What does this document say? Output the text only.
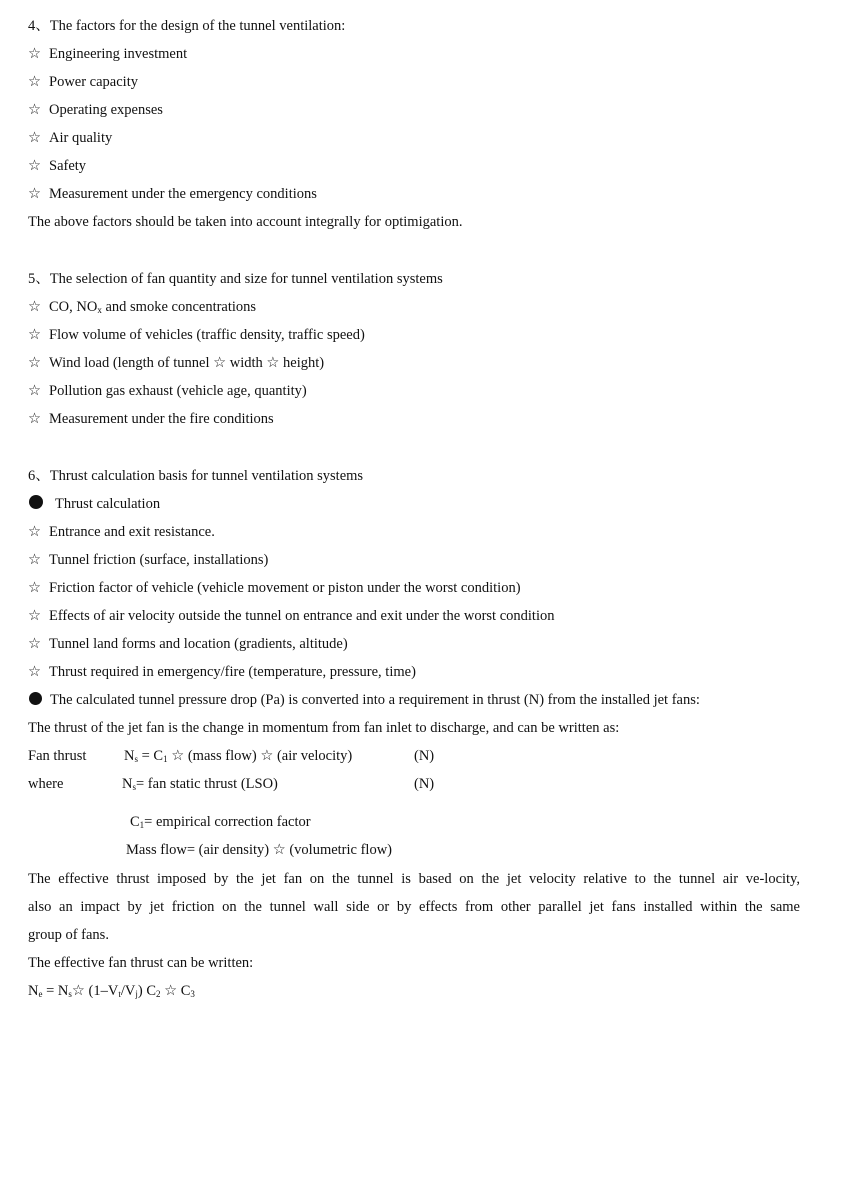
4、The factors for the design of the tunnel ventilation:
☆ Engineering investment
☆ Power capacity
☆ Operating expenses
☆ Air quality
☆ Safety
☆ Measurement under the emergency conditions
The above factors should be taken into account integrally for optimigation.
5、The selection of fan quantity and size for tunnel ventilation systems
☆ CO, $NO_x$ and smoke concentrations
☆ Flow volume of vehicles (traffic density, traffic speed)
☆ Wind load (length of tunnel ☆ width ☆ height)
☆ Pollution gas exhaust (vehicle age, quantity)
☆ Measurement under the fire conditions
6、Thrust calculation basis for tunnel ventilation systems
Thrust calculation
☆ Entrance and exit resistance.
☆ Tunnel friction (surface, installations)
☆ Friction factor of vehicle (vehicle movement or piston under the worst condition)
☆ Effects of air velocity outside the tunnel on entrance and exit under the worst condition
☆ Tunnel land forms and location (gradients, altitude)
☆ Thrust required in emergency/fire (temperature, pressure, time)
The calculated tunnel pressure drop (Pa) is converted into a requirement in thrust (N) from the installed jet fans:
The thrust of the jet fan is the change in momentum from fan inlet to discharge, and can be written as:
Fan thrust	$N_s = C_1$ ☆ (mass flow) ☆ (air velocity)	(N)
where	$N_s=$ fan static thrust (LSO)	(N)
$C_1=$ empirical correction factor
Mass flow= (air density) ☆ (volumetric flow)
The effective thrust imposed by the jet fan on the tunnel is based on the jet velocity relative to the tunnel air ve-locity,
also an impact by jet friction on the tunnel wall side or by effects from other parallel jet fans installed within the same
group of fans.
The effective fan thrust can be written:
$N_e$ = $N_s☆$ $(1-V_t/V_j)$ $C_2$ ☆ $C_3$
